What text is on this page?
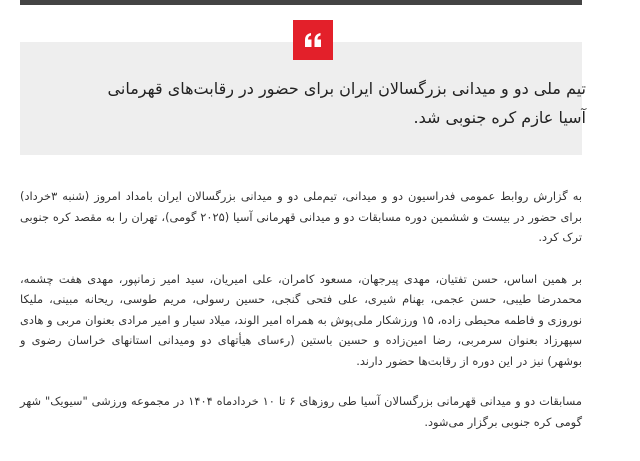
تیم ملی دو و میدانی بزرگسالان ایران برای حضور در رقابت‌های قهرمانی آسیا عازم کره جنوبی شد.

به گزارش روابط عمومی فدراسیون دو و میدانی، تیم‌ملی دو و میدانی بزرگسالان ایران بامداد امروز (شنبه ۳خرداد) برای حضور در بیست و ششمین دوره مسابقات دو و میدانی قهرمانی آسیا (۲۰۲۵ گومی)، تهران را به مقصد کره جنوبی ترک کرد.

بر همین اساس، حسن تفتیان، مهدی پیرجهان، مسعود کامران، علی امیریان، سید امیر زمانپور، مهدی هفت چشمه، محمدرضا طیبی، حسن عجمی، بهنام شیری، علی فتحی گنجی، حسین رسولی، مریم طوسی، ریحانه مبینی، ملیکا نوروزی و فاطمه محیطی زاده، ۱۵ ورزشکار ملی‌پوش به همراه امیر الوند، میلاد سیار و امیر مرادی بعنوان مربی و هادی سپهرزاد بعنوان سرمربی، رضا امین‌زاده و حسین باستین (رءسای هیأتهای دو ومیدانی استانهای خراسان رضوی و بوشهر) نیز در این دوره از رقابت‌ها حضور دارند.

مسابقات دو و میدانی قهرمانی بزرگسالان آسیا طی روزهای ۶ تا ۱۰ خردادماه ۱۴۰۴ در مجموعه ورزشی "سیویک" شهر گومی کره جنوبی برگزار می‌شود.
